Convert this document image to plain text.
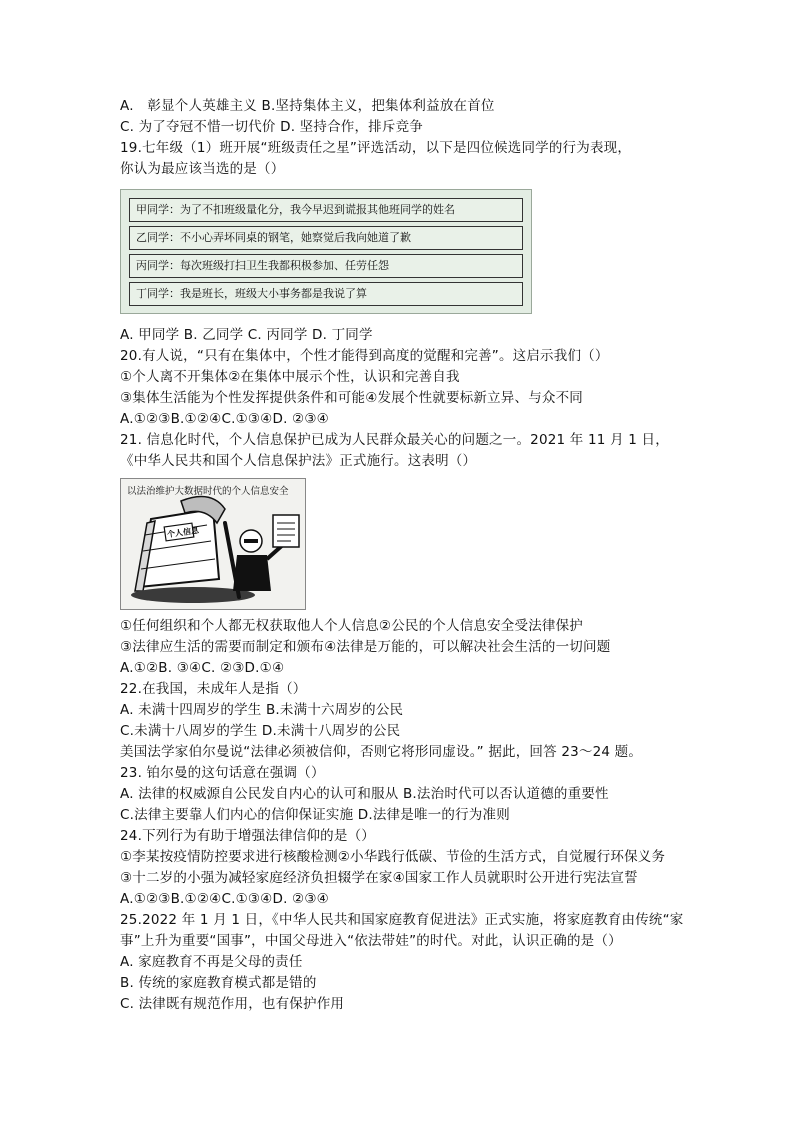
A.　彰显个人英雄主义 B.坚持集体主义，把集体利益放在首位
C. 为了夺冠不惜一切代价 D. 坚持合作，排斥竞争
19.七年级（1）班开展“班级责任之星”评选活动，以下是四位候选同学的行为表现，
你认为最应该当选的是（）
甲同学：为了不扣班级量化分，我今早迟到谎报其他班同学的姓名
乙同学：不小心弄坏同桌的钢笔，她察觉后我向她道了歉
丙同学：每次班级打扫卫生我都积极参加、任劳任怨
丁同学：我是班长，班级大小事务都是我说了算
A. 甲同学 B. 乙同学 C. 丙同学 D. 丁同学
20.有人说，“只有在集体中，个性才能得到高度的觉醒和完善”。这启示我们（）
①个人离不开集体②在集体中展示个性，认识和完善自我
③集体生活能为个性发挥提供条件和可能④发展个性就要标新立异、与众不同
A.①②③B.①②④C.①③④D. ②③④
21. 信息化时代，个人信息保护已成为人民群众最关心的问题之一。2021 年 11 月 1 日，
《中华人民共和国个人信息保护法》正式施行。这表明（）
以法治维护大数据时代的个人信息安全
个人信息
①任何组织和个人都无权获取他人个人信息②公民的个人信息安全受法律保护
③法律应生活的需要而制定和颁布④法律是万能的，可以解决社会生活的一切问题
A.①②B. ③④C. ②③D.①④
22.在我国，未成年人是指（）
A. 未满十四周岁的学生 B.未满十六周岁的公民
C.未满十八周岁的学生 D.未满十八周岁的公民
美国法学家伯尔曼说“法律必须被信仰，否则它将形同虚设。” 据此，回答 23～24 题。
23. 铂尔曼的这句话意在强调（）
A. 法律的权威源自公民发自内心的认可和服从 B.法治时代可以否认道德的重要性
C.法律主要靠人们内心的信仰保证实施 D.法律是唯一的行为准则
24.下列行为有助于增强法律信仰的是（）
①李某按疫情防控要求进行核酸检测②小华践行低碳、节俭的生活方式，自觉履行环保义务
③十二岁的小强为减轻家庭经济负担辍学在家④国家工作人员就职时公开进行宪法宣誓
A.①②③B.①②④C.①③④D. ②③④
25.2022 年 1 月 1 日，《中华人民共和国家庭教育促进法》正式实施，将家庭教育由传统“家
事”上升为重要“国事”，中国父母进入“依法带娃”的时代。对此，认识正确的是（）
A. 家庭教育不再是父母的责任
B. 传统的家庭教育模式都是错的
C. 法律既有规范作用，也有保护作用
